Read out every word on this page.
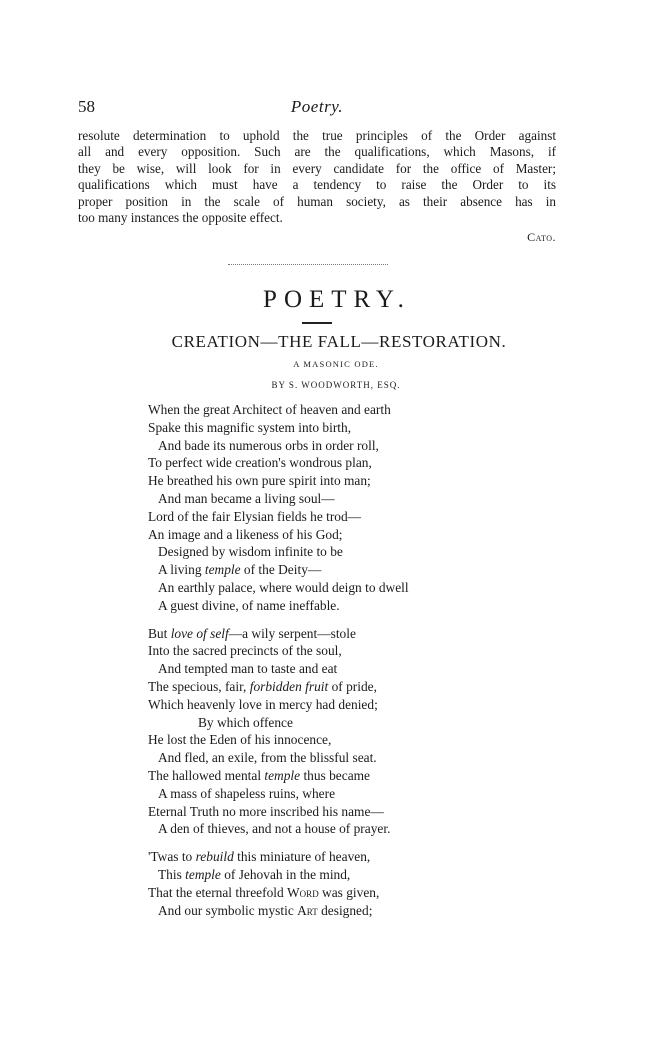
58	Poetry.
resolute determination to uphold the true principles of the Order against
all and every opposition. Such are the qualifications, which Masons, if
they be wise, will look for in every candidate for the office of Master;
qualifications which must have a tendency to raise the Order to its
proper position in the scale of human society, as their absence has in
too many instances the opposite effect.
Cato.
POETRY.
CREATION—THE FALL—RESTORATION.
A MASONIC ODE.
BY S. WOODWORTH, ESQ.
When the great Architect of heaven and earth
Spake this magnific system into birth,
And bade its numerous orbs in order roll,
To perfect wide creation's wondrous plan,
He breathed his own pure spirit into man;
And man became a living soul—
Lord of the fair Elysian fields he trod—
An image and a likeness of his God;
Designed by wisdom infinite to be
A living temple of the Deity—
An earthly palace, where would deign to dwell
A guest divine, of name ineffable.
But love of self—a wily serpent—stole
Into the sacred precincts of the soul,
And tempted man to taste and eat
The specious, fair, forbidden fruit of pride,
Which heavenly love in mercy had denied;
By which offence
He lost the Eden of his innocence,
And fled, an exile, from the blissful seat.
The hallowed mental temple thus became
A mass of shapeless ruins, where
Eternal Truth no more inscribed his name—
A den of thieves, and not a house of prayer.
'Twas to rebuild this miniature of heaven,
This temple of Jehovah in the mind,
That the eternal threefold Word was given,
And our symbolic mystic Art designed;
